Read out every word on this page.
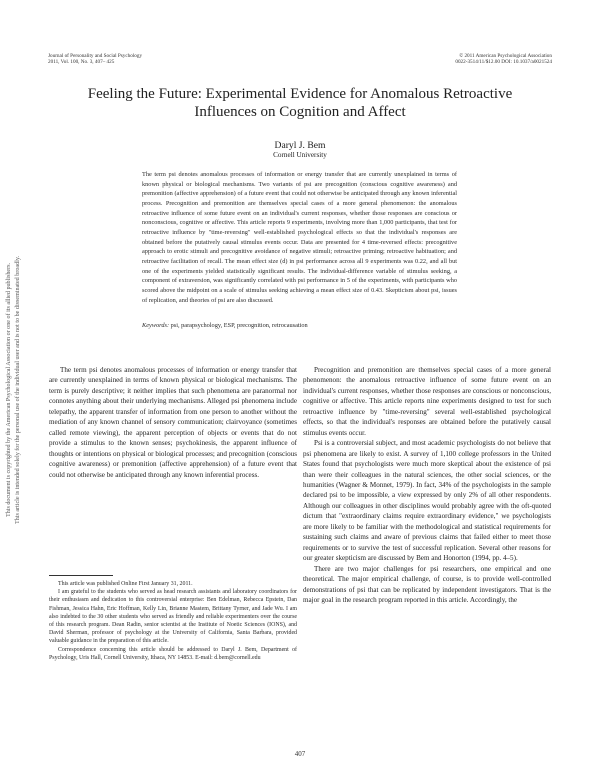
Journal of Personality and Social Psychology
2011, Vol. 100, No. 3, 407– 425
© 2011 American Psychological Association
0022-3514/11/$12.00 DOI: 10.1037/a0021524
This document is copyrighted by the American Psychological Association or one of its allied publishers. This article is intended solely for the personal use of the individual user and is not to be disseminated broadly.
Feeling the Future: Experimental Evidence for Anomalous Retroactive Influences on Cognition and Affect
Daryl J. Bem
Cornell University
The term psi denotes anomalous processes of information or energy transfer that are currently unexplained in terms of known physical or biological mechanisms. Two variants of psi are precognition (conscious cognitive awareness) and premonition (affective apprehension) of a future event that could not otherwise be anticipated through any known inferential process. Precognition and premonition are themselves special cases of a more general phenomenon: the anomalous retroactive influence of some future event on an individual's current responses, whether those responses are conscious or nonconscious, cognitive or affective. This article reports 9 experiments, involving more than 1,000 participants, that test for retroactive influence by "time-reversing" well-established psychological effects so that the individual's responses are obtained before the putatively causal stimulus events occur. Data are presented for 4 time-reversed effects: precognitive approach to erotic stimuli and precognitive avoidance of negative stimuli; retroactive priming; retroactive habituation; and retroactive facilitation of recall. The mean effect size (d) in psi performance across all 9 experiments was 0.22, and all but one of the experiments yielded statistically significant results. The individual-difference variable of stimulus seeking, a component of extraversion, was significantly correlated with psi performance in 5 of the experiments, with participants who scored above the midpoint on a scale of stimulus seeking achieving a mean effect size of 0.43. Skepticism about psi, issues of replication, and theories of psi are also discussed.
Keywords: psi, parapsychology, ESP, precognition, retrocausation

The term psi denotes anomalous processes of information or energy transfer that are currently unexplained in terms of known physical or biological mechanisms. The term is purely descriptive; it neither implies that such phenomena are paranormal nor connotes anything about their underlying mechanisms. Alleged psi phenomena include telepathy, the apparent transfer of information from one person to another without the mediation of any known channel of sensory communication; clairvoyance (sometimes called remote viewing), the apparent perception of objects or events that do not provide a stimulus to the known senses; psychokinesis, the apparent influence of thoughts or intentions on physical or biological processes; and precognition (conscious cognitive awareness) or premonition (affective apprehension) of a future event that could not otherwise be anticipated through any known inferential process.

Precognition and premonition are themselves special cases of a more general phenomenon: the anomalous retroactive influence of some future event on an individual's current responses, whether those responses are conscious or nonconscious, cognitive or affective. This article reports nine experiments designed to test for such retroactive influence by "time-reversing" several well-established psychological effects, so that the individual's responses are obtained before the putatively causal stimulus events occur.

Psi is a controversial subject, and most academic psychologists do not believe that psi phenomena are likely to exist. A survey of 1,100 college professors in the United States found that psychologists were much more skeptical about the existence of psi than were their colleagues in the natural sciences, the other social sciences, or the humanities (Wagner & Monnet, 1979). In fact, 34% of the psychologists in the sample declared psi to be impossible, a view expressed by only 2% of all other respondents. Although our colleagues in other disciplines would probably agree with the oft-quoted dictum that "extraordinary claims require extraordinary evidence," we psychologists are more likely to be familiar with the methodological and statistical requirements for sustaining such claims and aware of previous claims that failed either to meet those requirements or to survive the test of successful replication. Several other reasons for our greater skepticism are discussed by Bem and Honorton (1994, pp. 4–5).

There are two major challenges for psi researchers, one empirical and one theoretical. The major empirical challenge, of course, is to provide well-controlled demonstrations of psi that can be replicated by independent investigators. That is the major goal in the research program reported in this article. Accordingly, the

This article was published Online First January 31, 2011.

I am grateful to the students who served as head research assistants and laboratory coordinators for their enthusiasm and dedication to this controversial enterprise: Ben Edelman, Rebecca Epstein, Dan Fishman, Jessica Hahn, Eric Hoffman, Kelly Lin, Brianne Mastem, Brittany Tyrner, and Jade Wu. I am also indebted to the 30 other students who served as friendly and reliable experimenters over the course of this research program. Dean Radin, senior scientist at the Institute of Noetic Sciences (IONS), and David Sherman, professor of psychology at the University of California, Santa Barbara, provided valuable guidance in the preparation of this article.

Correspondence concerning this article should be addressed to Daryl J. Bem, Department of Psychology, Uris Hall, Cornell University, Ithaca, NY 14853. E-mail: d.bem@cornell.edu

407
